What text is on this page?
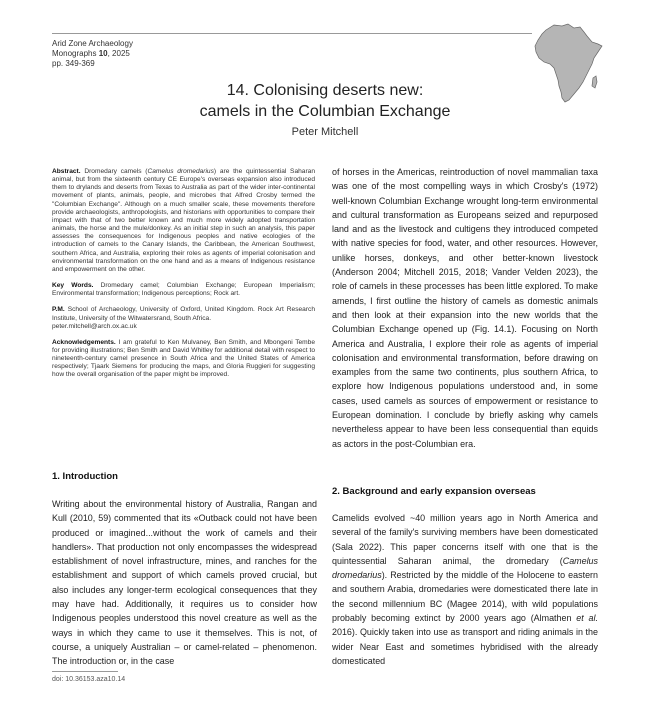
Arid Zone Archaeology
Monographs 10, 2025
pp. 349-369
14. Colonising deserts new:
camels in the Columbian Exchange
Peter Mitchell

Abstract. Dromedary camels (Camelus dromedarius) are the quintessential Saharan animal, but from the sixteenth century CE Europe's overseas expansion also introduced them to drylands and deserts from Texas to Australia as part of the wider inter-continental movement of plants, animals, people, and microbes that Alfred Crosby termed the "Columbian Exchange". Although on a much smaller scale, these movements therefore provide archaeologists, anthropologists, and historians with opportunities to compare their impact with that of two better known and much more widely adopted transportation animals, the horse and the mule/donkey. As an initial step in such an analysis, this paper assesses the consequences for Indigenous peoples and native ecologies of the introduction of camels to the Canary Islands, the Caribbean, the American Southwest, southern Africa, and Australia, exploring their roles as agents of imperial colonisation and environmental transformation on the one hand and as a means of Indigenous resistance and empowerment on the other.

Key Words. Dromedary camel; Columbian Exchange; European Imperialism; Environmental transformation; Indigenous perceptions; Rock art.

P.M. School of Archaeology, University of Oxford, United Kingdom. Rock Art Research Institute, University of the Witwatersrand, South Africa.
peter.mitchell@arch.ox.ac.uk

Acknowledgements. I am grateful to Ken Mulvaney, Ben Smith, and Mbongeni Tembe for providing illustrations; Ben Smith and David Whitley for additional detail with respect to nineteenth-century camel presence in South Africa and the United States of America respectively; Tjaark Siemens for producing the maps, and Gloria Ruggieri for suggesting how the overall organisation of the paper might be improved.

1. Introduction

Writing about the environmental history of Australia, Rangan and Kull (2010, 59) commented that its «Outback could not have been produced or imagined...without the work of camels and their handlers». That production not only encompasses the widespread establishment of novel infrastructure, mines, and ranches for the establishment and support of which camels proved crucial, but also includes any longer-term ecological consequences that they may have had. Additionally, it requires us to consider how Indigenous peoples understood this novel creature as well as the ways in which they came to use it themselves. This is not, of course, a uniquely Australian – or camel-related – phenomenon. The introduction or, in the case

of horses in the Americas, reintroduction of novel mammalian taxa was one of the most compelling ways in which Crosby's (1972) well-known Columbian Exchange wrought long-term environmental and cultural transformation as Europeans seized and repurposed land and as the livestock and cultigens they introduced competed with native species for food, water, and other resources. However, unlike horses, donkeys, and other better-known livestock (Anderson 2004; Mitchell 2015, 2018; Vander Velden 2023), the role of camels in these processes has been little explored. To make amends, I first outline the history of camels as domestic animals and then look at their expansion into the new worlds that the Columbian Exchange opened up (Fig. 14.1). Focusing on North America and Australia, I explore their role as agents of imperial colonisation and environmental transformation, before drawing on examples from the same two continents, plus southern Africa, to explore how Indigenous populations understood and, in some cases, used camels as sources of empowerment or resistance to European domination. I conclude by briefly asking why camels nevertheless appear to have been less consequential than equids as actors in the post-Columbian era.

2. Background and early expansion overseas

Camelids evolved ~40 million years ago in North America and several of the family's surviving members have been domesticated (Sala 2022). This paper concerns itself with one that is the quintessential Saharan animal, the dromedary (Camelus dromedarius). Restricted by the middle of the Holocene to eastern and southern Arabia, dromedaries were domesticated there late in the second millennium BC (Magee 2014), with wild populations probably becoming extinct by 2000 years ago (Almathen et al. 2016). Quickly taken into use as transport and riding animals in the wider Near East and sometimes hybridised with the already domesticated

doi: 10.36153.aza10.14
